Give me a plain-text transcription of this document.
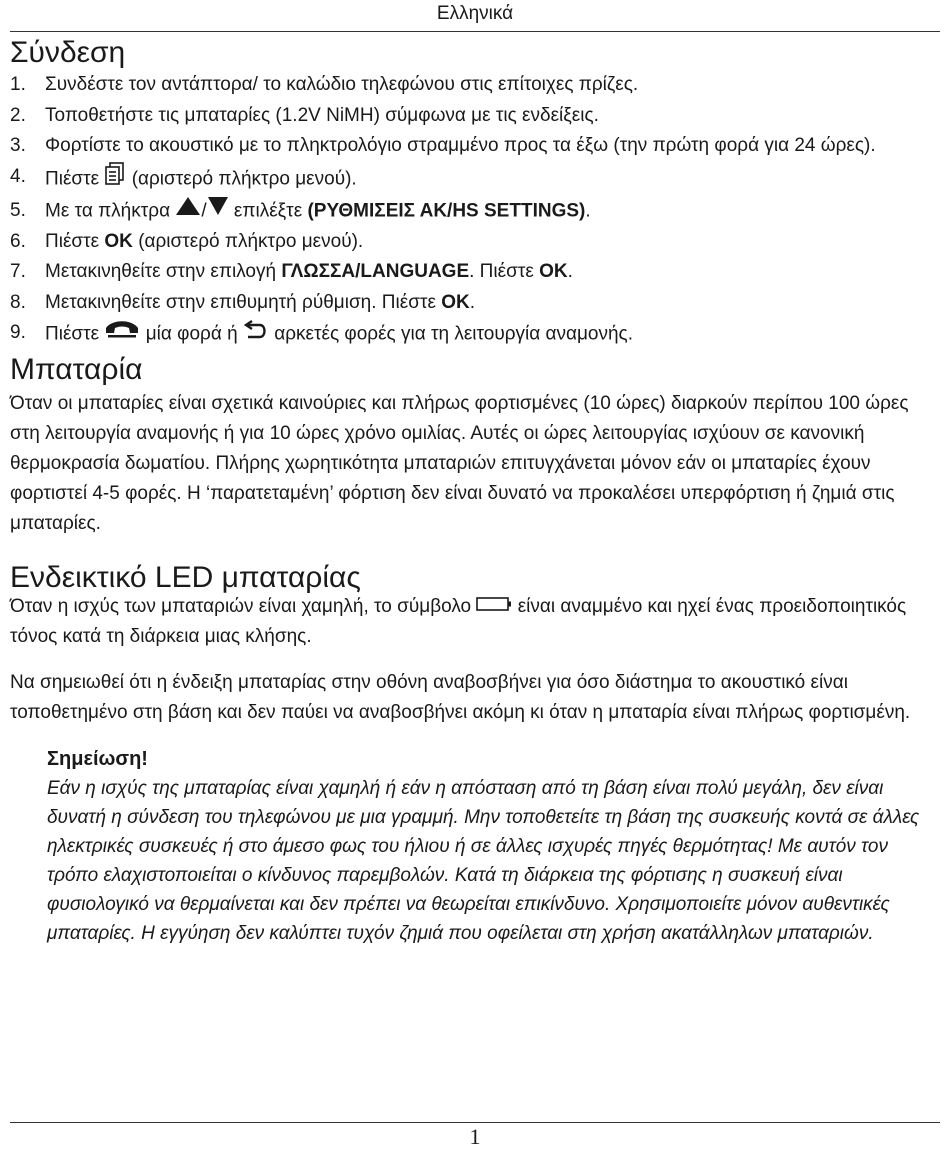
Ελληνικά
Σύνδεση
1. Συνδέστε τον αντάπτορα/ το καλώδιο τηλεφώνου στις επίτοιχες πρίζες.
2. Τοποθετήστε τις μπαταρίες (1.2V NiMH) σύμφωνα με τις ενδείξεις.
3. Φορτίστε το ακουστικό με το πληκτρολόγιο στραμμένο προς τα έξω (την πρώτη φορά για 24 ώρες).
4. Πιέστε (αριστερό πλήκτρο μενού).
5. Με τα πλήκτρα / επιλέξτε (ΡΥΘΜΙΣΕΙΣ ΑΚ/HS SETTINGS).
6. Πιέστε OK (αριστερό πλήκτρο μενού).
7. Μετακινηθείτε στην επιλογή ΓΛΩΣΣΑ/LANGUAGE. Πιέστε OK.
8. Μετακινηθείτε στην επιθυμητή ρύθμιση. Πιέστε OK.
9. Πιέστε μία φορά ή αρκετές φορές για τη λειτουργία αναμονής.
Μπαταρία

Όταν οι μπαταρίες είναι σχετικά καινούριες και πλήρως φορτισμένες (10 ώρες) διαρκούν περίπου 100 ώρες στη λειτουργία αναμονής ή για 10 ώρες χρόνο ομιλίας. Αυτές οι ώρες λειτουργίας ισχύουν σε κανονική θερμοκρασία δωματίου. Πλήρης χωρητικότητα μπαταριών επιτυγχάνεται μόνον εάν οι μπαταρίες έχουν φορτιστεί 4-5 φορές. Η ‘παρατεταμένη’ φόρτιση δεν είναι δυνατό να προκαλέσει υπερφόρτιση ή ζημιά στις μπαταρίες.

Ενδεικτικό LED μπαταρίας

Όταν η ισχύς των μπαταριών είναι χαμηλή, το σύμβολο είναι αναμμένο και ηχεί ένας προειδοποιητικός τόνος κατά τη διάρκεια μιας κλήσης.

Να σημειωθεί ότι η ένδειξη μπαταρίας στην οθόνη αναβοσβήνει για όσο διάστημα το ακουστικό είναι τοποθετημένο στη βάση και δεν παύει να αναβοσβήνει ακόμη κι όταν η μπαταρία είναι πλήρως φορτισμένη.

Σημείωση!
Εάν η ισχύς της μπαταρίας είναι χαμηλή ή εάν η απόσταση από τη βάση είναι πολύ μεγάλη, δεν είναι δυνατή η σύνδεση του τηλεφώνου με μια γραμμή. Μην τοποθετείτε τη βάση της συσκευής κοντά σε άλλες ηλεκτρικές συσκευές ή στο άμεσο φως του ήλιου ή σε άλλες ισχυρές πηγές θερμότητας! Με αυτόν τον τρόπο ελαχιστοποιείται ο κίνδυνος παρεμβολών. Κατά τη διάρκεια της φόρτισης η συσκευή είναι φυσιολογικό να θερμαίνεται και δεν πρέπει να θεωρείται επικίνδυνο. Χρησιμοποιείτε μόνον αυθεντικές μπαταρίες. Η εγγύηση δεν καλύπτει τυχόν ζημιά που οφείλεται στη χρήση ακατάλληλων μπαταριών.
1
